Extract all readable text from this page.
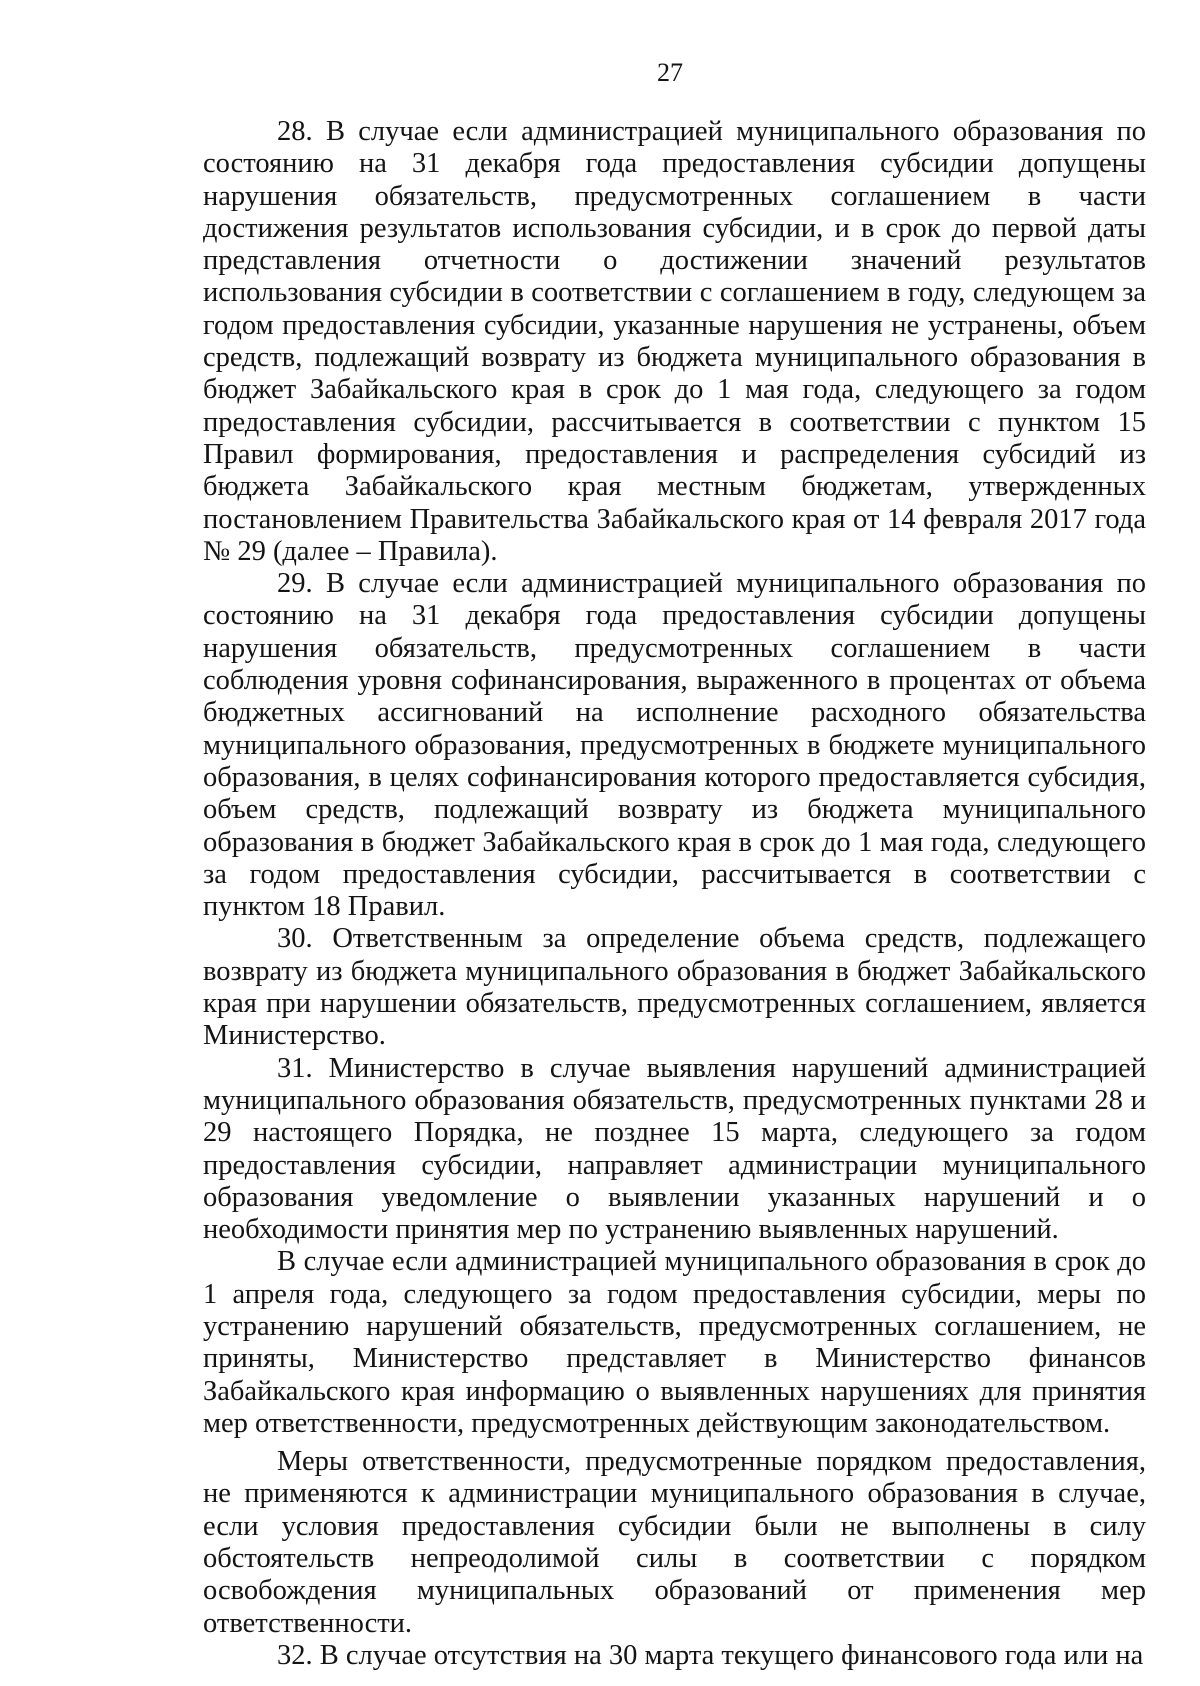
27

28. В случае если администрацией муниципального образования по состоянию на 31 декабря года предоставления субсидии допущены нарушения обязательств, предусмотренных соглашением в части достижения результатов использования субсидии, и в срок до первой даты представления отчетности о достижении значений результатов использования субсидии в соответствии с соглашением в году, следующем за годом предоставления субсидии, указанные нарушения не устранены, объем средств, подлежащий возврату из бюджета муниципального образования в бюджет Забайкальского края в срок до 1 мая года, следующего за годом предоставления субсидии, рассчитывается в соответствии с пунктом 15 Правил формирования, предоставления и распределения субсидий из бюджета Забайкальского края местным бюджетам, утвержденных постановлением Правительства Забайкальского края от 14 февраля 2017 года № 29 (далее – Правила).

29. В случае если администрацией муниципального образования по состоянию на 31 декабря года предоставления субсидии допущены нарушения обязательств, предусмотренных соглашением в части соблюдения уровня софинансирования, выраженного в процентах от объема бюджетных ассигнований на исполнение расходного обязательства муниципального образования, предусмотренных в бюджете муниципального образования, в целях софинансирования которого предоставляется субсидия, объем средств, подлежащий возврату из бюджета муниципального образования в бюджет Забайкальского края в срок до 1 мая года, следующего за годом предоставления субсидии, рассчитывается в соответствии с пунктом 18 Правил.

30. Ответственным за определение объема средств, подлежащего возврату из бюджета муниципального образования в бюджет Забайкальского края при нарушении обязательств, предусмотренных соглашением, является Министерство.

31. Министерство в случае выявления нарушений администрацией муниципального образования обязательств, предусмотренных пунктами 28 и 29 настоящего Порядка, не позднее 15 марта, следующего за годом предоставления субсидии, направляет администрации муниципального образования уведомление о выявлении указанных нарушений и о необходимости принятия мер по устранению выявленных нарушений.

В случае если администрацией муниципального образования в срок до 1 апреля года, следующего за годом предоставления субсидии, меры по устранению нарушений обязательств, предусмотренных соглашением, не приняты, Министерство представляет в Министерство финансов Забайкальского края информацию о выявленных нарушениях для принятия мер ответственности, предусмотренных действующим законодательством.

Меры ответственности, предусмотренные порядком предоставления, не применяются к администрации муниципального образования в случае, если условия предоставления субсидии были не выполнены в силу обстоятельств непреодолимой силы в соответствии с порядком освобождения муниципальных образований от применения мер ответственности.

32. В случае отсутствия на 30 марта текущего финансового года или на
